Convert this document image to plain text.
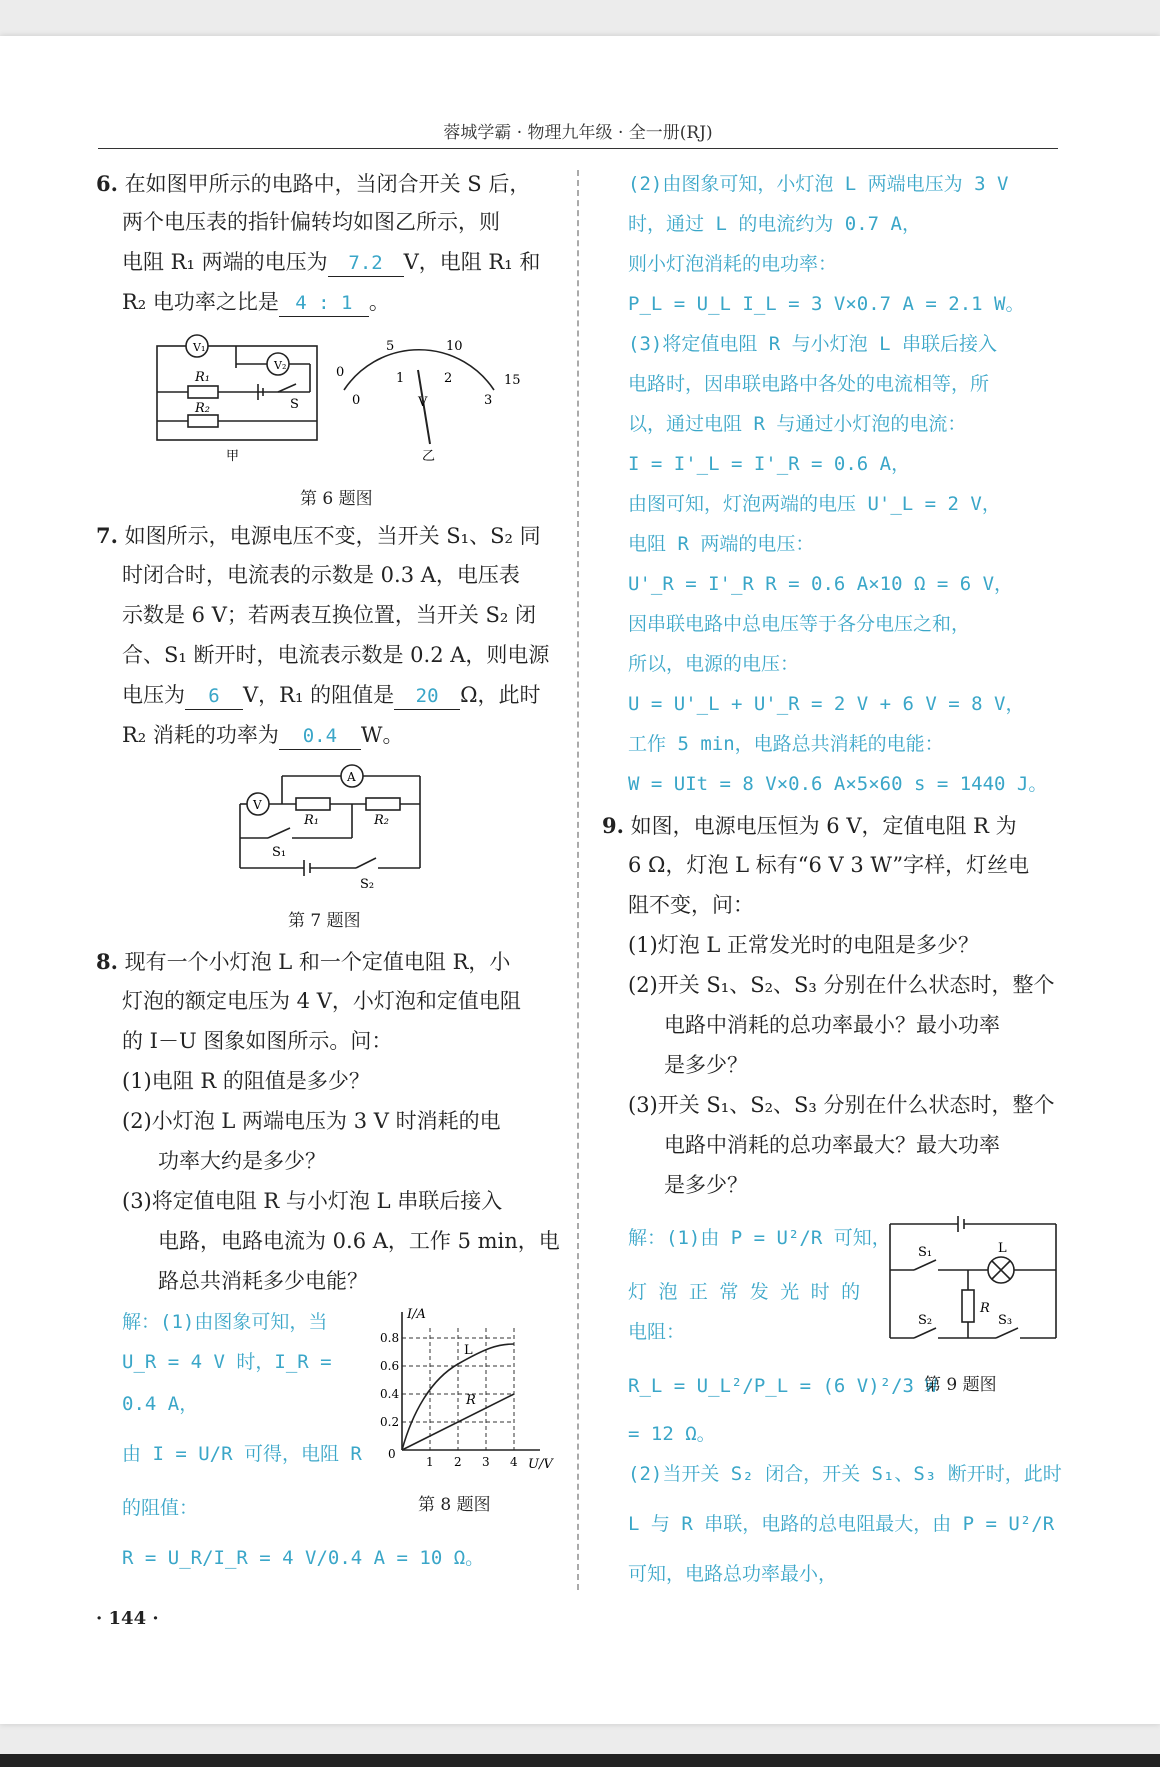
蓉城学霸 · 物理九年级 · 全一册(RJ)
6. 在如图甲所示的电路中，当闭合开关 S 后，
两个电压表的指针偏转均如图乙所示，则
电阻 R₁ 两端的电压为 7.2 V，电阻 R₁ 和
R₂ 电功率之比是 4 : 1 。
V₁
V₂
R₁
R₂	S
甲	乙
0
5	10
15
0
1	2
3
V
第 6 题图
7. 如图所示，电源电压不变，当开关 S₁、S₂ 同
时闭合时，电流表的示数是 0.3 A，电压表
示数是 6 V；若两表互换位置，当开关 S₂ 闭
合、S₁ 断开时，电流表示数是 0.2 A，则电源
电压为 6 V，R₁ 的阻值是 20 Ω，此时
R₂ 消耗的功率为 0.4 W。
A
V
R₁	R₂
S₁
S₂
第 7 题图
8. 现有一个小灯泡 L 和一个定值电阻 R，小
灯泡的额定电压为 4 V，小灯泡和定值电阻
的 I－U 图象如图所示。问：
(1)电阻 R 的阻值是多少？
(2)小灯泡 L 两端电压为 3 V 时消耗的电
功率大约是多少？
(3)将定值电阻 R 与小灯泡 L 串联后接入
电路，电路电流为 0.6 A，工作 5 min，电
路总共消耗多少电能？
解：(1)由图象可知，当
U_R = 4 V 时，I_R =
0.4 A，
由 I = U/R 可得，电阻 R
的阻值：
R = U_R/I_R = 4 V/0.4 A = 10 Ω。
I/A
U/V
0.8
0.6
0.4
0.2
0
1 2 3 4
L
R
第 8 题图
(2)由图象可知，小灯泡 L 两端电压为 3 V
时，通过 L 的电流约为 0.7 A，
则小灯泡消耗的电功率：
P_L = U_L I_L = 3 V×0.7 A = 2.1 W。
(3)将定值电阻 R 与小灯泡 L 串联后接入
电路时，因串联电路中各处的电流相等，所
以，通过电阻 R 与通过小灯泡的电流：
I = I'_L = I'_R = 0.6 A，
由图可知，灯泡两端的电压 U'_L = 2 V，
电阻 R 两端的电压：
U'_R = I'_R R = 0.6 A×10 Ω = 6 V，
因串联电路中总电压等于各分电压之和，
所以，电源的电压：
U = U'_L + U'_R = 2 V + 6 V = 8 V，
工作 5 min，电路总共消耗的电能：
W = UIt = 8 V×0.6 A×5×60 s = 1440 J。
9. 如图，电源电压恒为 6 V，定值电阻 R 为
6 Ω，灯泡 L 标有“6 V 3 W”字样，灯丝电
阻不变，问：
(1)灯泡 L 正常发光时的电阻是多少？
(2)开关 S₁、S₂、S₃ 分别在什么状态时，整个
电路中消耗的总功率最小？最小功率
是多少？
(3)开关 S₁、S₂、S₃ 分别在什么状态时，整个
电路中消耗的总功率最大？最大功率
是多少？
解：(1)由 P = U²/R 可知，
灯 泡 正 常 发 光 时 的
电阻：
R_L = U_L²/P_L = (6 V)²/3 W
= 12 Ω。
(2)当开关 S₂ 闭合，开关 S₁、S₃ 断开时，此时
L 与 R 串联，电路的总电阻最大，由 P = U²/R
可知，电路总功率最小，
S₁	L
R
S₂	S₃
第 9 题图
· 144 ·
